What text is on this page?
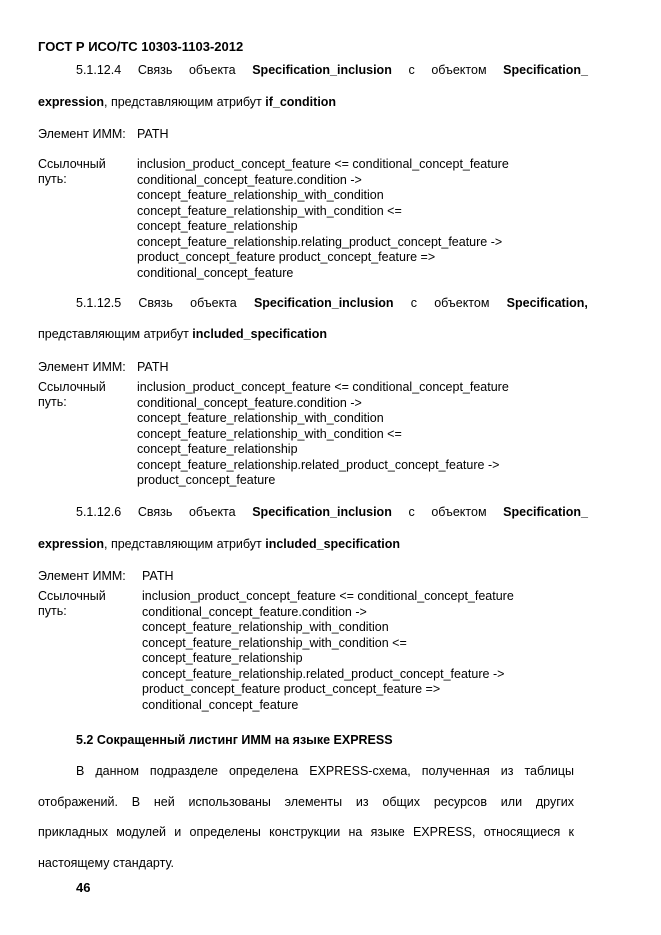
ГОСТ Р ИСО/ТС 10303-1103-2012
5.1.12.4 Связь объекта Specification_inclusion с объектом Specification_
expression, представляющим атрибут if_condition
Элемент ИММ: PATH
Ссылочный
путь:
inclusion_product_concept_feature <= conditional_concept_feature
conditional_concept_feature.condition ->
concept_feature_relationship_with_condition
concept_feature_relationship_with_condition <=
concept_feature_relationship
concept_feature_relationship.relating_product_concept_feature ->
product_concept_feature product_concept_feature =>
conditional_concept_feature
5.1.12.5 Связь объекта Specification_inclusion с объектом Specification,
представляющим атрибут included_specification
Элемент ИММ: PATH
Ссылочный
путь:
inclusion_product_concept_feature <= conditional_concept_feature
conditional_concept_feature.condition ->
concept_feature_relationship_with_condition
concept_feature_relationship_with_condition <=
concept_feature_relationship
concept_feature_relationship.related_product_concept_feature ->
product_concept_feature
5.1.12.6 Связь объекта Specification_inclusion с объектом Specification_
expression, представляющим атрибут included_specification
Элемент ИММ: PATH
Ссылочный
путь:
inclusion_product_concept_feature <= conditional_concept_feature
conditional_concept_feature.condition ->
concept_feature_relationship_with_condition
concept_feature_relationship_with_condition <=
concept_feature_relationship
concept_feature_relationship.related_product_concept_feature ->
product_concept_feature product_concept_feature =>
conditional_concept_feature
5.2 Сокращенный листинг ИММ на языке EXPRESS
В данном подразделе определена EXPRESS-схема, полученная из таблицы
отображений. В ней использованы элементы из общих ресурсов или других
прикладных модулей и определены конструкции на языке EXPRESS, относящиеся к
настоящему стандарту.
46
